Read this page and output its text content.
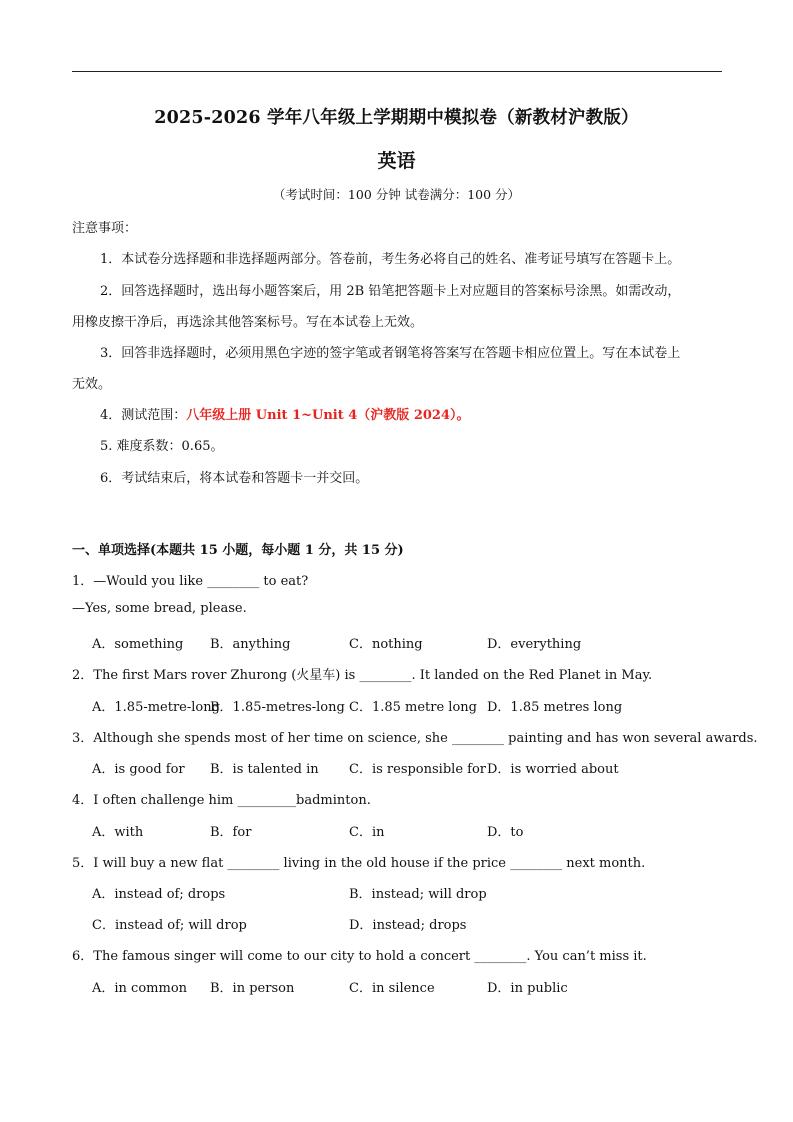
2025-2026 学年八年级上学期期中模拟卷（新教材沪教版）
英语
（考试时间：100 分钟 试卷满分：100 分）
注意事项：
1．本试卷分选择题和非选择题两部分。答卷前，考生务必将自己的姓名、准考证号填写在答题卡上。
2．回答选择题时，选出每小题答案后，用 2B 铅笔把答题卡上对应题目的答案标号涂黑。如需改动，
用橡皮擦干净后，再选涂其他答案标号。写在本试卷上无效。
3．回答非选择题时，必须用黑色字迹的签字笔或者钢笔将答案写在答题卡相应位置上。写在本试卷上
无效。
4．测试范围：八年级上册 Unit 1~Unit 4（沪教版 2024）。
5. 难度系数：0.65。
6．考试结束后，将本试卷和答题卡一并交回。
一、单项选择(本题共 15 小题，每小题 1 分，共 15 分)
1．—Would you like ________ to eat?
—Yes, some bread, please.
A．something B．anything	C．nothing	D．everything
2．The first Mars rover Zhurong (火星车) is ________. It landed on the Red Planet in May.
A．1.85-metre-long
B．1.85-metres-long C．1.85 metre long D．1.85 metres long
3．Although she spends most of her time on science, she ________ painting and has won several awards.
A．is good for B．is talented in C．is responsible for D．is worried about
4．I often challenge him _________badminton.
A．with	B．for	C．in	D．to
5．I will buy a new flat ________ living in the old house if the price ________ next month.
A．instead of; drops	B．instead; will drop
C．instead of; will drop	D．instead; drops
6．The famous singer will come to our city to hold a concert ________. You can’t miss it.
A．in common B．in person	C．in silence	D．in public
